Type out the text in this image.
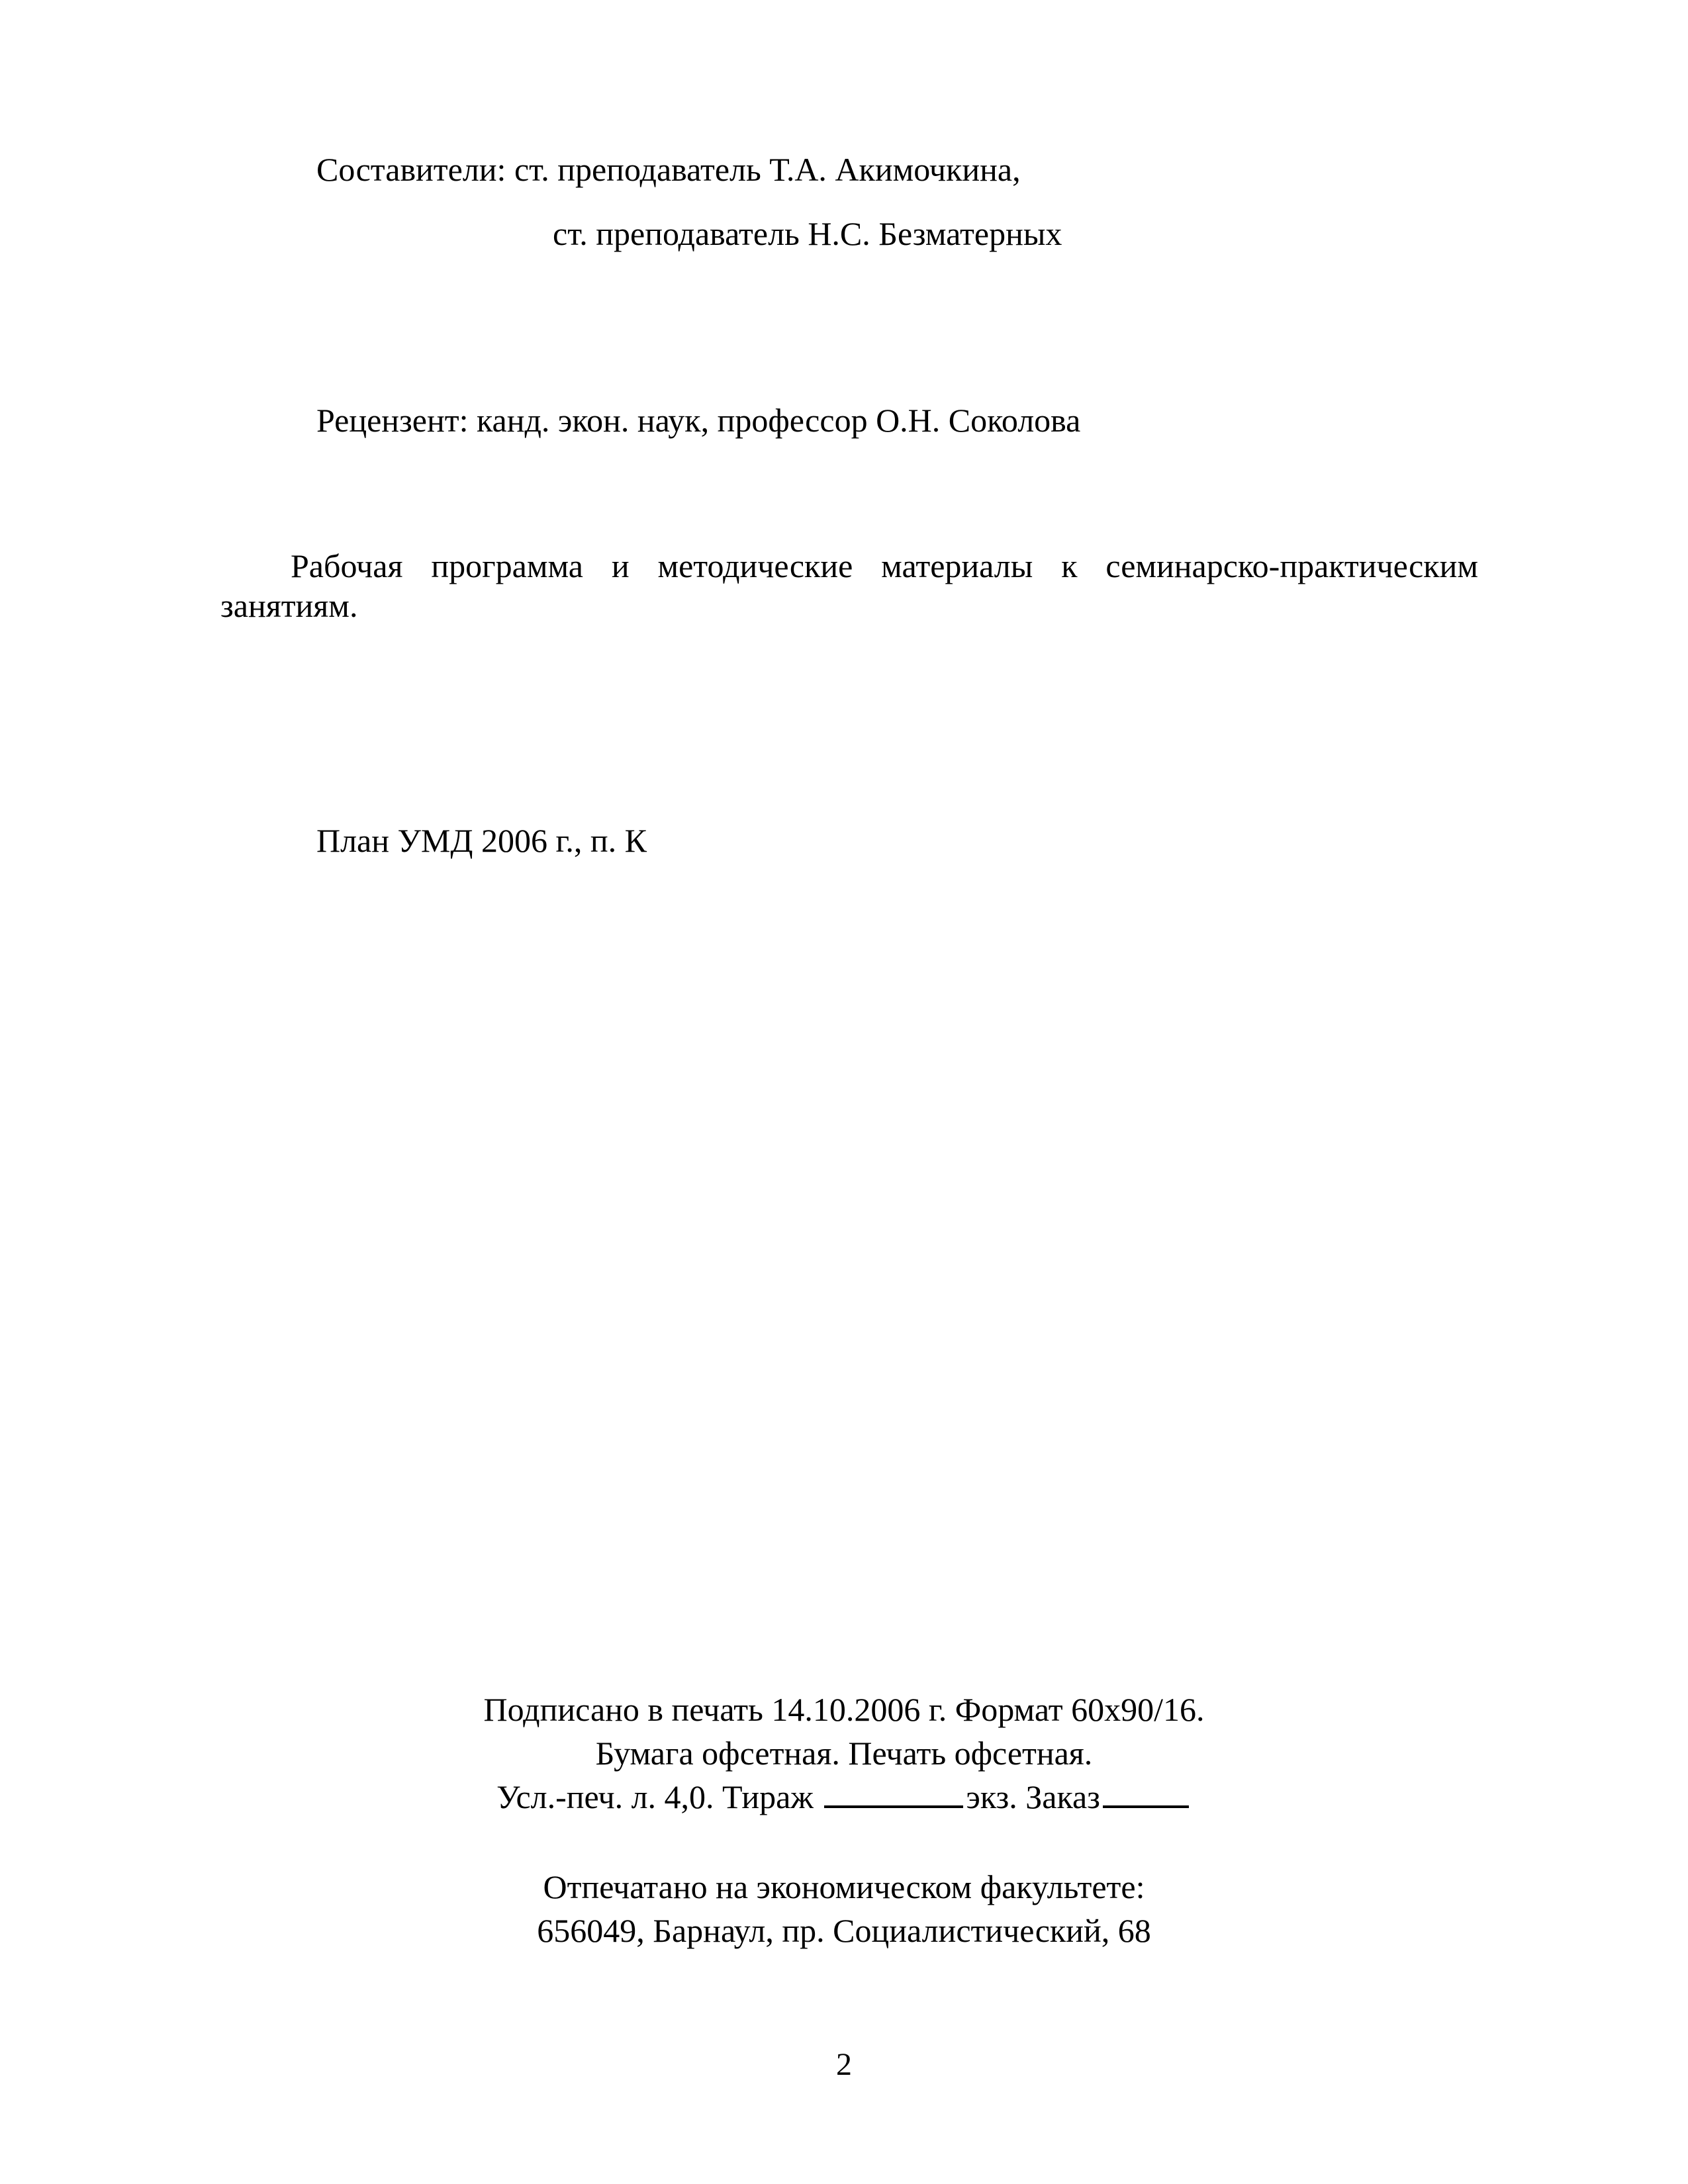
Составители: ст. преподаватель Т.А. Акимочкина,
ст. преподаватель Н.С. Безматерных
Рецензент: канд. экон. наук, профессор О.Н. Соколова
Рабочая программа и методические материалы к семинарско-практическим занятиям.
План УМД 2006 г., п. К
Подписано в печать 14.10.2006 г. Формат 60х90/16.
Бумага офсетная. Печать офсетная.
Усл.-печ. л. 4,0. Тираж	экз. Заказ
Отпечатано на экономическом факультете:
656049, Барнаул, пр. Социалистический, 68
2
